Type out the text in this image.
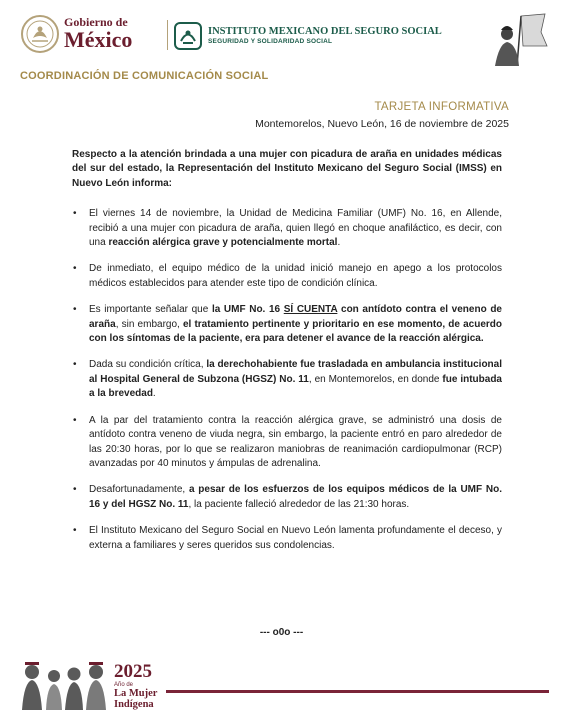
Gobierno de
México	INSTITUTO MEXICANO DEL SEGURO SOCIAL
SEGURIDAD Y SOLIDARIDAD SOCIAL
COORDINACIÓN DE COMUNICACIÓN SOCIAL
TARJETA INFORMATIVA
Montemorelos, Nuevo León, 16 de noviembre de 2025

Respecto a la atención brindada a una mujer con picadura de araña en unidades médicas del sur del estado, la Representación del Instituto Mexicano del Seguro Social (IMSS) en Nuevo León informa:

• El viernes 14 de noviembre, la Unidad de Medicina Familiar (UMF) No. 16, en Allende, recibió a una mujer con picadura de araña, quien llegó en choque anafiláctico, es decir, con una reacción alérgica grave y potencialmente mortal.
• De inmediato, el equipo médico de la unidad inició manejo en apego a los protocolos médicos establecidos para atender este tipo de condición clínica.
• Es importante señalar que la UMF No. 16 SÍ CUENTA con antídoto contra el veneno de araña, sin embargo, el tratamiento pertinente y prioritario en ese momento, de acuerdo con los síntomas de la paciente, era para detener el avance de la reacción alérgica.
• Dada su condición crítica, la derechohabiente fue trasladada en ambulancia institucional al Hospital General de Subzona (HGSZ) No. 11, en Montemorelos, en donde fue intubada a la brevedad.
• A la par del tratamiento contra la reacción alérgica grave, se administró una dosis de antídoto contra veneno de viuda negra, sin embargo, la paciente entró en paro alrededor de las 20:30 horas, por lo que se realizaron maniobras de reanimación cardiopulmonar (RCP) avanzadas por 40 minutos y ámpulas de adrenalina.
• Desafortunadamente, a pesar de los esfuerzos de los equipos médicos de la UMF No. 16 y del HGSZ No. 11, la paciente falleció alrededor de las 21:30 horas.
• El Instituto Mexicano del Seguro Social en Nuevo León lamenta profundamente el deceso, y externa a familiares y seres queridos sus condolencias.
--- o0o ---
2025
Año de
La Mujer
Indígena
